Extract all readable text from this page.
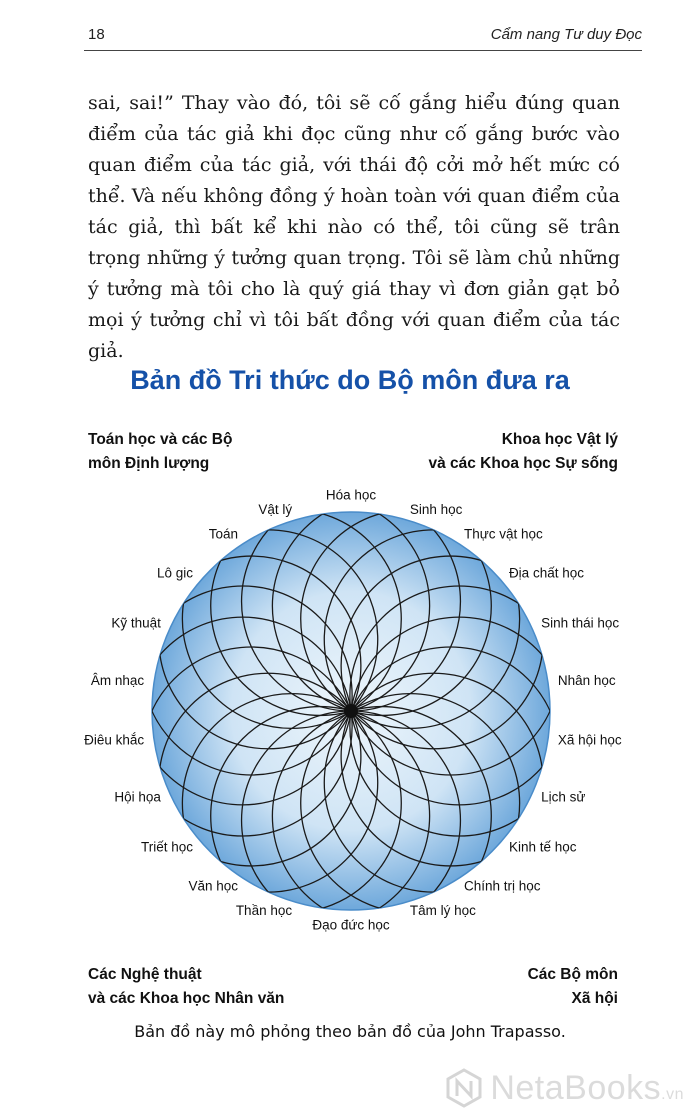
18	Cẩm nang Tư duy Đọc

sai, sai!” Thay vào đó, tôi sẽ cố gắng hiểu đúng quan điểm của tác giả khi đọc cũng như cố gắng bước vào quan điểm của tác giả, với thái độ cởi mở hết mức có thể. Và nếu không đồng ý hoàn toàn với quan điểm của tác giả, thì bất kể khi nào có thể, tôi cũng sẽ trân trọng những ý tưởng quan trọng. Tôi sẽ làm chủ những ý tưởng mà tôi cho là quý giá thay vì đơn giản gạt bỏ mọi ý tưởng chỉ vì tôi bất đồng với quan điểm của tác giả.

Bản đồ Tri thức do Bộ môn đưa ra
Toán học và các Bộ
môn Định lượng
Khoa học Vật lý
và các Khoa học Sự sống
Các Nghệ thuật
và các Khoa học Nhân văn
Các Bộ môn
Xã hội
Hóa học
Sinh học
Thực vật học
Địa chất học
Sinh thái học
Nhân học
Xã hội học
Lịch sử
Kinh tế học
Chính trị học
Tâm lý học
Đạo đức học
Thần học
Văn học
Triết học
Hội họa
Điêu khắc
Âm nhạc
Kỹ thuật
Lô gic
Toán
Vật lý
Bản đồ này mô phỏng theo bản đồ của John Trapasso.
NetaBooks.vn
